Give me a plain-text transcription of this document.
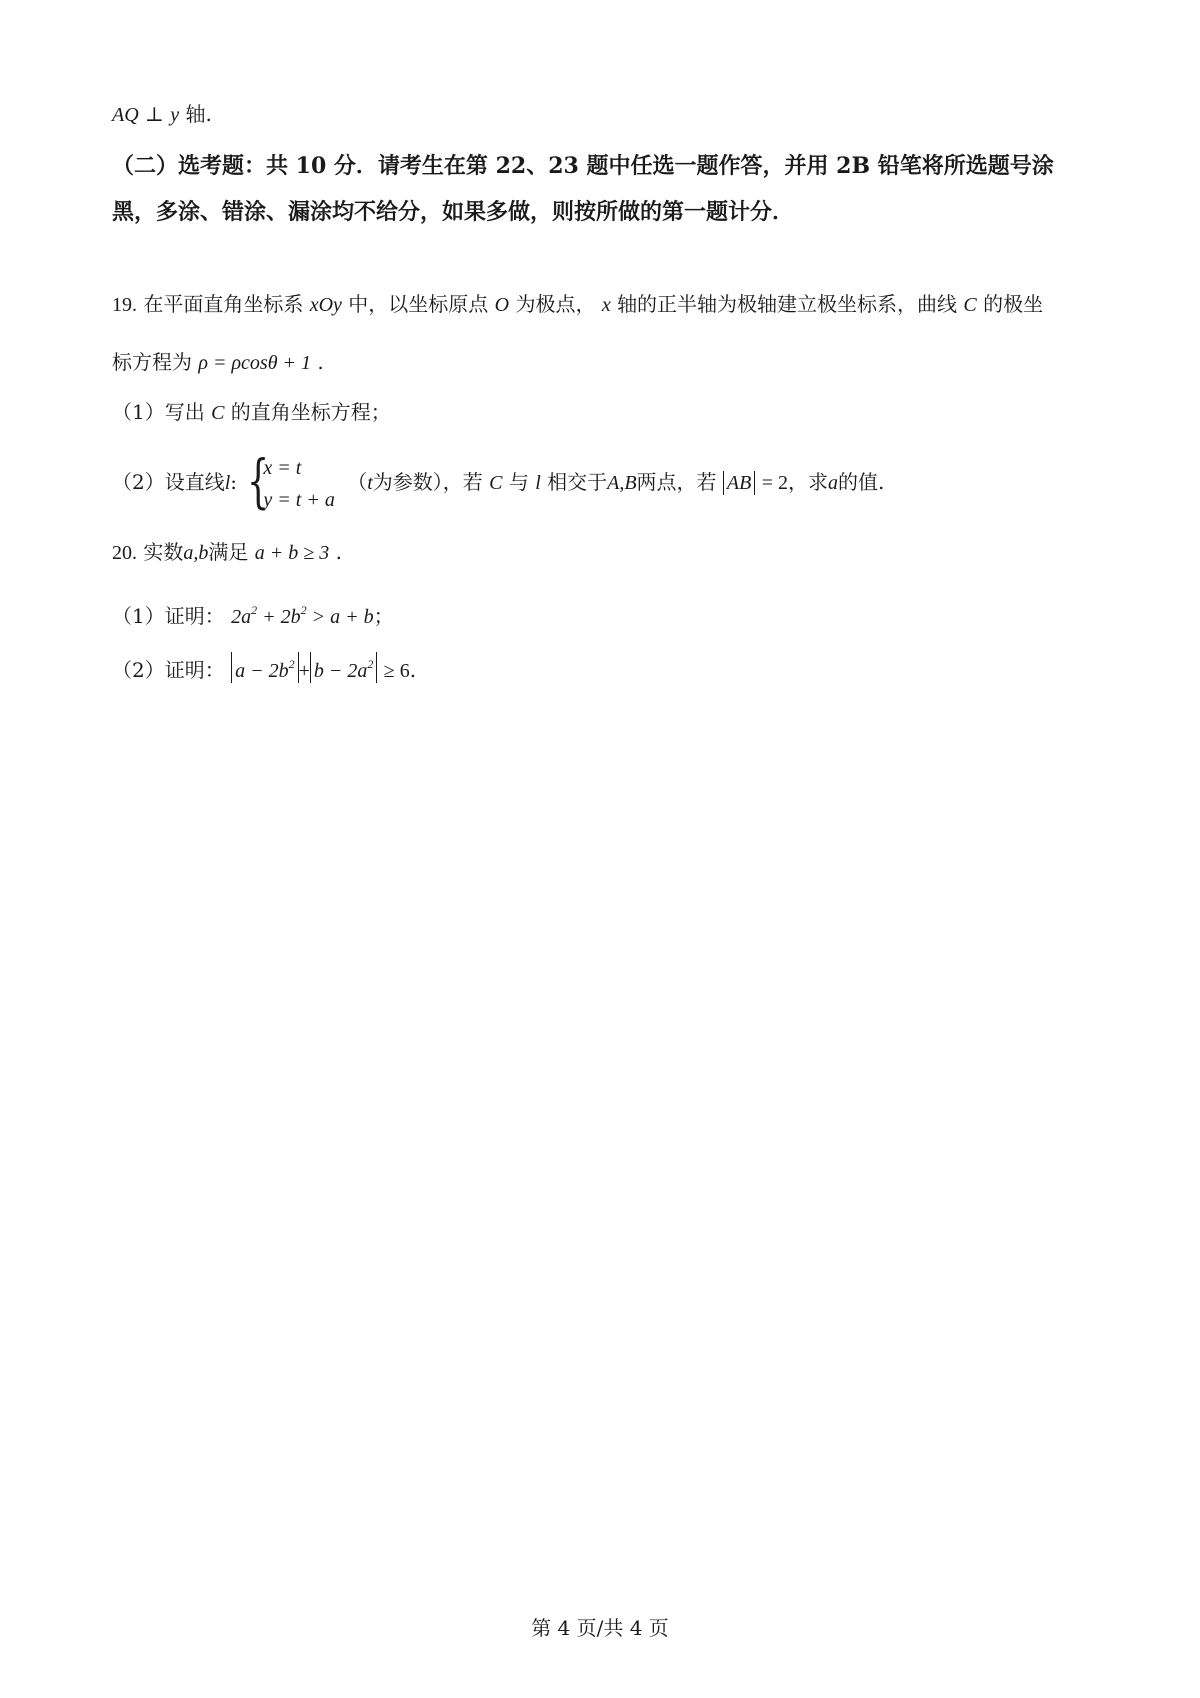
AQ ⊥ y 轴.
（二）选考题：共 10 分．请考生在第 22、23 题中任选一题作答，并用 2B 铅笔将所选题号涂
黑，多涂、错涂、漏涂均不给分，如果多做，则按所做的第一题计分．
19. 在平面直角坐标系 xOy 中，以坐标原点 O 为极点， x 轴的正半轴为极轴建立极坐标系，曲线 C 的极坐
标方程为 ρ = ρcosθ + 1 .
（1）写出 C 的直角坐标方程；
（2）设直线l: {
x = t
y = t + a
（t为参数），若 C 与 l 相交于A,B两点，若 AB = 2，求a的值.
20. 实数a,b满足 a + b ≥ 3 .
（1）证明： $2a^2 + 2b^2 > a + b$；
（2）证明： $a - 2b^2 + b - 2a^2 \ge 6$.
第 4 页/共 4 页
